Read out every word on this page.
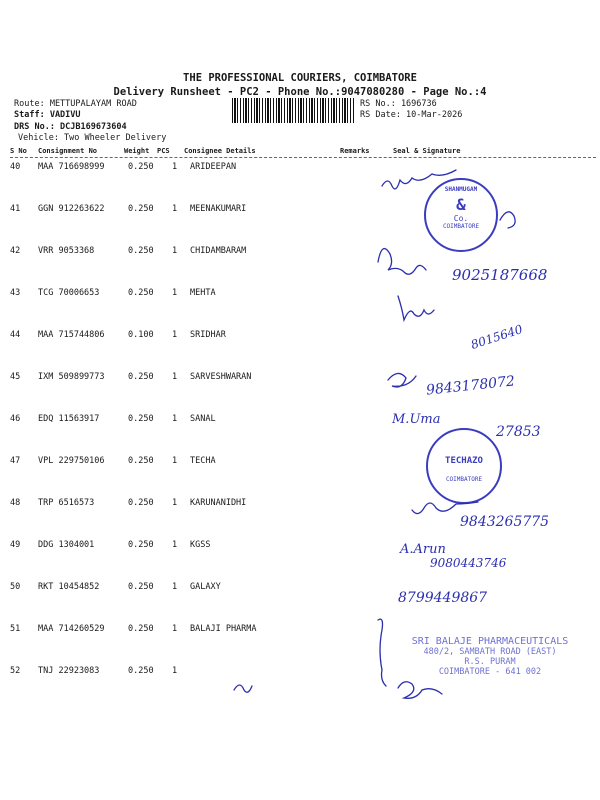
THE PROFESSIONAL COURIERS, COIMBATORE
Delivery Runsheet - PC2 - Phone No.:9047080280 - Page No.:4
Route: METTUPALAYAM ROAD
Staff: VADIVU
DRS No.: DCJB169673604
Vehicle: Two Wheeler Delivery
RS No.: 1696736
RS Date: 10-Mar-2026
S No Consignment No	Weight PCS Consignee Details	Remarks	Seal & Signature
40 MAA 716698999	0.250 1 ARIDEEPAN
41 GGN 912263622	0.250 1 MEENAKUMARI
42 VRR 9053368	0.250 1 CHIDAMBARAM
43 TCG 70006653	0.250 1 MEHTA
44 MAA 715744806	0.100 1 SRIDHAR
45 IXM 509899773	0.250 1 SARVESHWARAN
46 EDQ 11563917	0.250 1 SANAL
47 VPL 229750106	0.250 1 TECHA
48 TRP 6516573	0.250 1 KARUNANIDHI
49 DDG 1304001	0.250 1 KGSS
50 RKT 10454852	0.250 1 GALAXY
51 MAA 714260529	0.250 1 BALAJI PHARMA
52 TNJ 22923083	0.250 1
SHANMUGAM
&
Co.
COIMBATORE
TECHAZO
COIMBATORE
SRI BALAJE PHARMACEUTICALS
480/2, SAMBATH ROAD (EAST)
R.S. PURAM
COIMBATORE - 641 002
9025187668
8015640
9843178072
M.Uma
27853
9843265775
A.Arun
9080443746
8799449867
